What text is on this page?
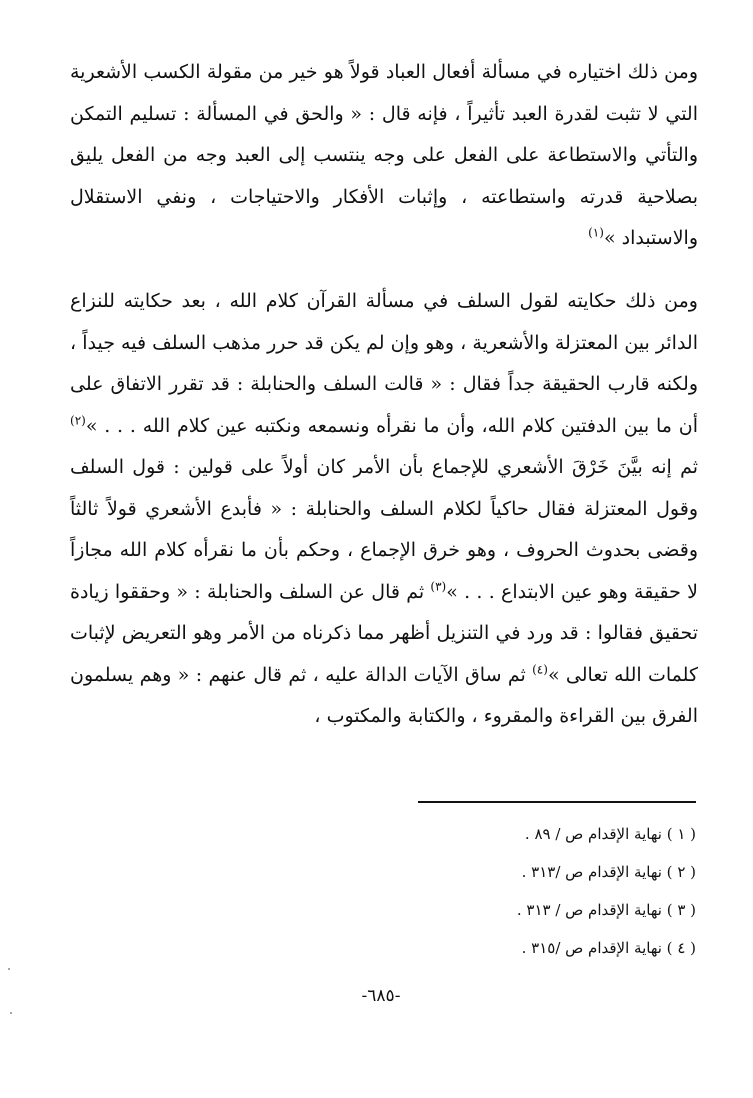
ومن ذلك اختياره في مسألة أفعال العباد قولاً هو خير من مقولة الكسب الأشعرية التي لا تثبت لقدرة العبد تأثيراً ، فإنه قال : « والحق في المسألة : تسليم التمكن والتأتي والاستطاعة على الفعل على وجه ينتسب إلى العبد وجه من الفعل يليق بصلاحية قدرته واستطاعته ، وإثبات الأفكار والاحتياجات ، ونفي الاستقلال والاستبداد »$^{(١)}$

ومن ذلك حكايته لقول السلف في مسألة القرآن كلام الله ، بعد حكايته للنزاع الدائر بين المعتزلة والأشعرية ، وهو وإن لم يكن قد حرر مذهب السلف فيه جيداً ، ولكنه قارب الحقيقة جداً فقال : « قالت السلف والحنابلة : قد تقرر الاتفاق على أن ما بين الدفتين كلام الله، وأن ما نقرأه ونسمعه ونكتبه عين كلام الله . . . »$^{(٢)}$ ثم إنه بيَّنَ خَرْقَ الأشعري للإجماع بأن الأمر كان أولاً على قولين : قول السلف وقول المعتزلة فقال حاكياً لكلام السلف والحنابلة : « فأبدع الأشعري قولاً ثالثاً وقضى بحدوث الحروف ، وهو خرق الإجماع ، وحكم بأن ما نقرأه كلام الله مجازاً لا حقيقة وهو عين الابتداع . . . »$^{(٣)}$ ثم قال عن السلف والحنابلة : « وحققوا زيادة تحقيق فقالوا : قد ورد في التنزيل أظهر مما ذكرناه من الأمر وهو التعريض لإثبات كلمات الله تعالى »$^{(٤)}$ ثم ساق الآيات الدالة عليه ، ثم قال عنهم : « وهم يسلمون الفرق بين القراءة والمقروء ، والكتابة والمكتوب ،

( ١ ) نهاية الإقدام ص / ٨٩ .
( ٢ ) نهاية الإقدام ص /٣١٣ .
( ٣ ) نهاية الإقدام ص / ٣١٣ .
( ٤ ) نهاية الإقدام ص /٣١٥ .
-٦٨٥-
